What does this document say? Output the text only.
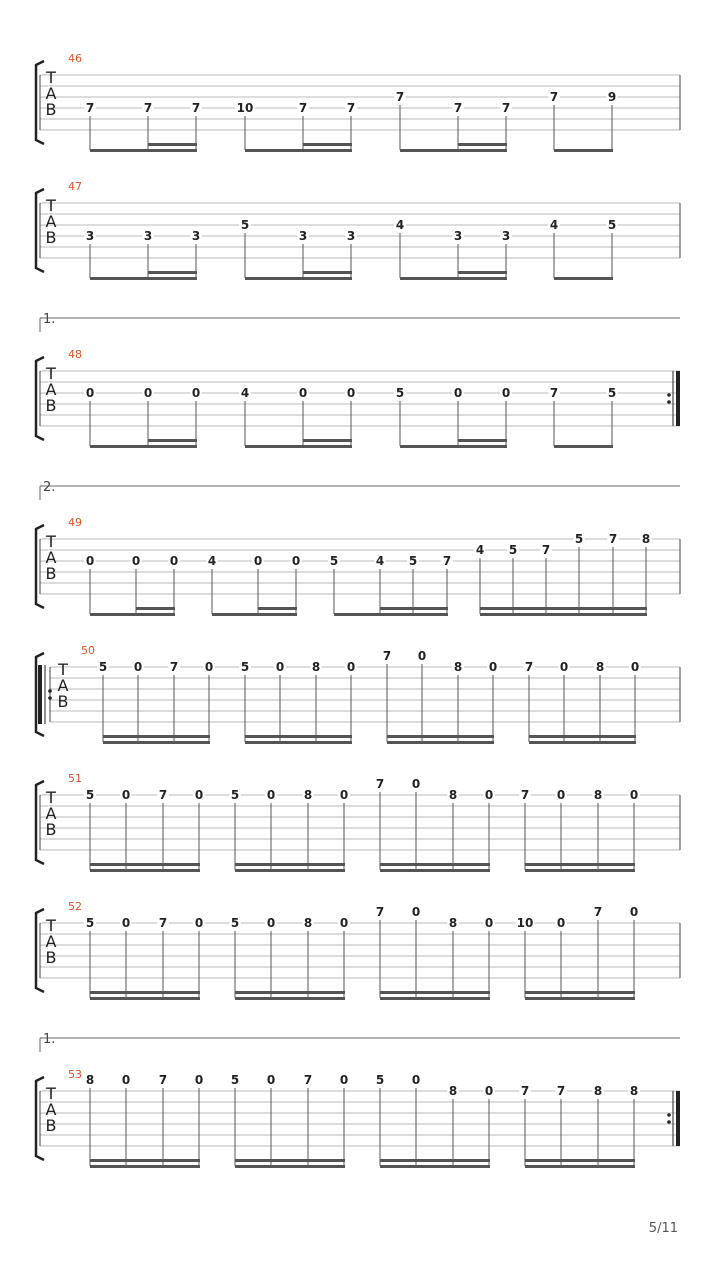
T
A
B
46
7	7	7	10	7	7
7
7	7
7	9
T
A
B
47
3	3	3
5
3	3
4
3	3
4	5
1.
T
A
B
48
0	0	0	4	0	0	5	0	0	7	5
2.
T
A
B
49
0	0 0 4	0 0 5	4 5 7
4 5 7
5 7 8
T
A
B
50
5 0 7 0 5 0 8 0
7 0
8 0 7 0 8 0
T
A
B
51
5 0 7 0 5 0 8 0
7 0
8 0 7 0 8 0
T
A
B
52
5 0 7 0 5 0 8 0
7 0
8 0 10 0
7 0
1.
T
A
B
53 8 0 7 0 5 0 7 0 5 0
8 0 7 7 8 8
5/11
